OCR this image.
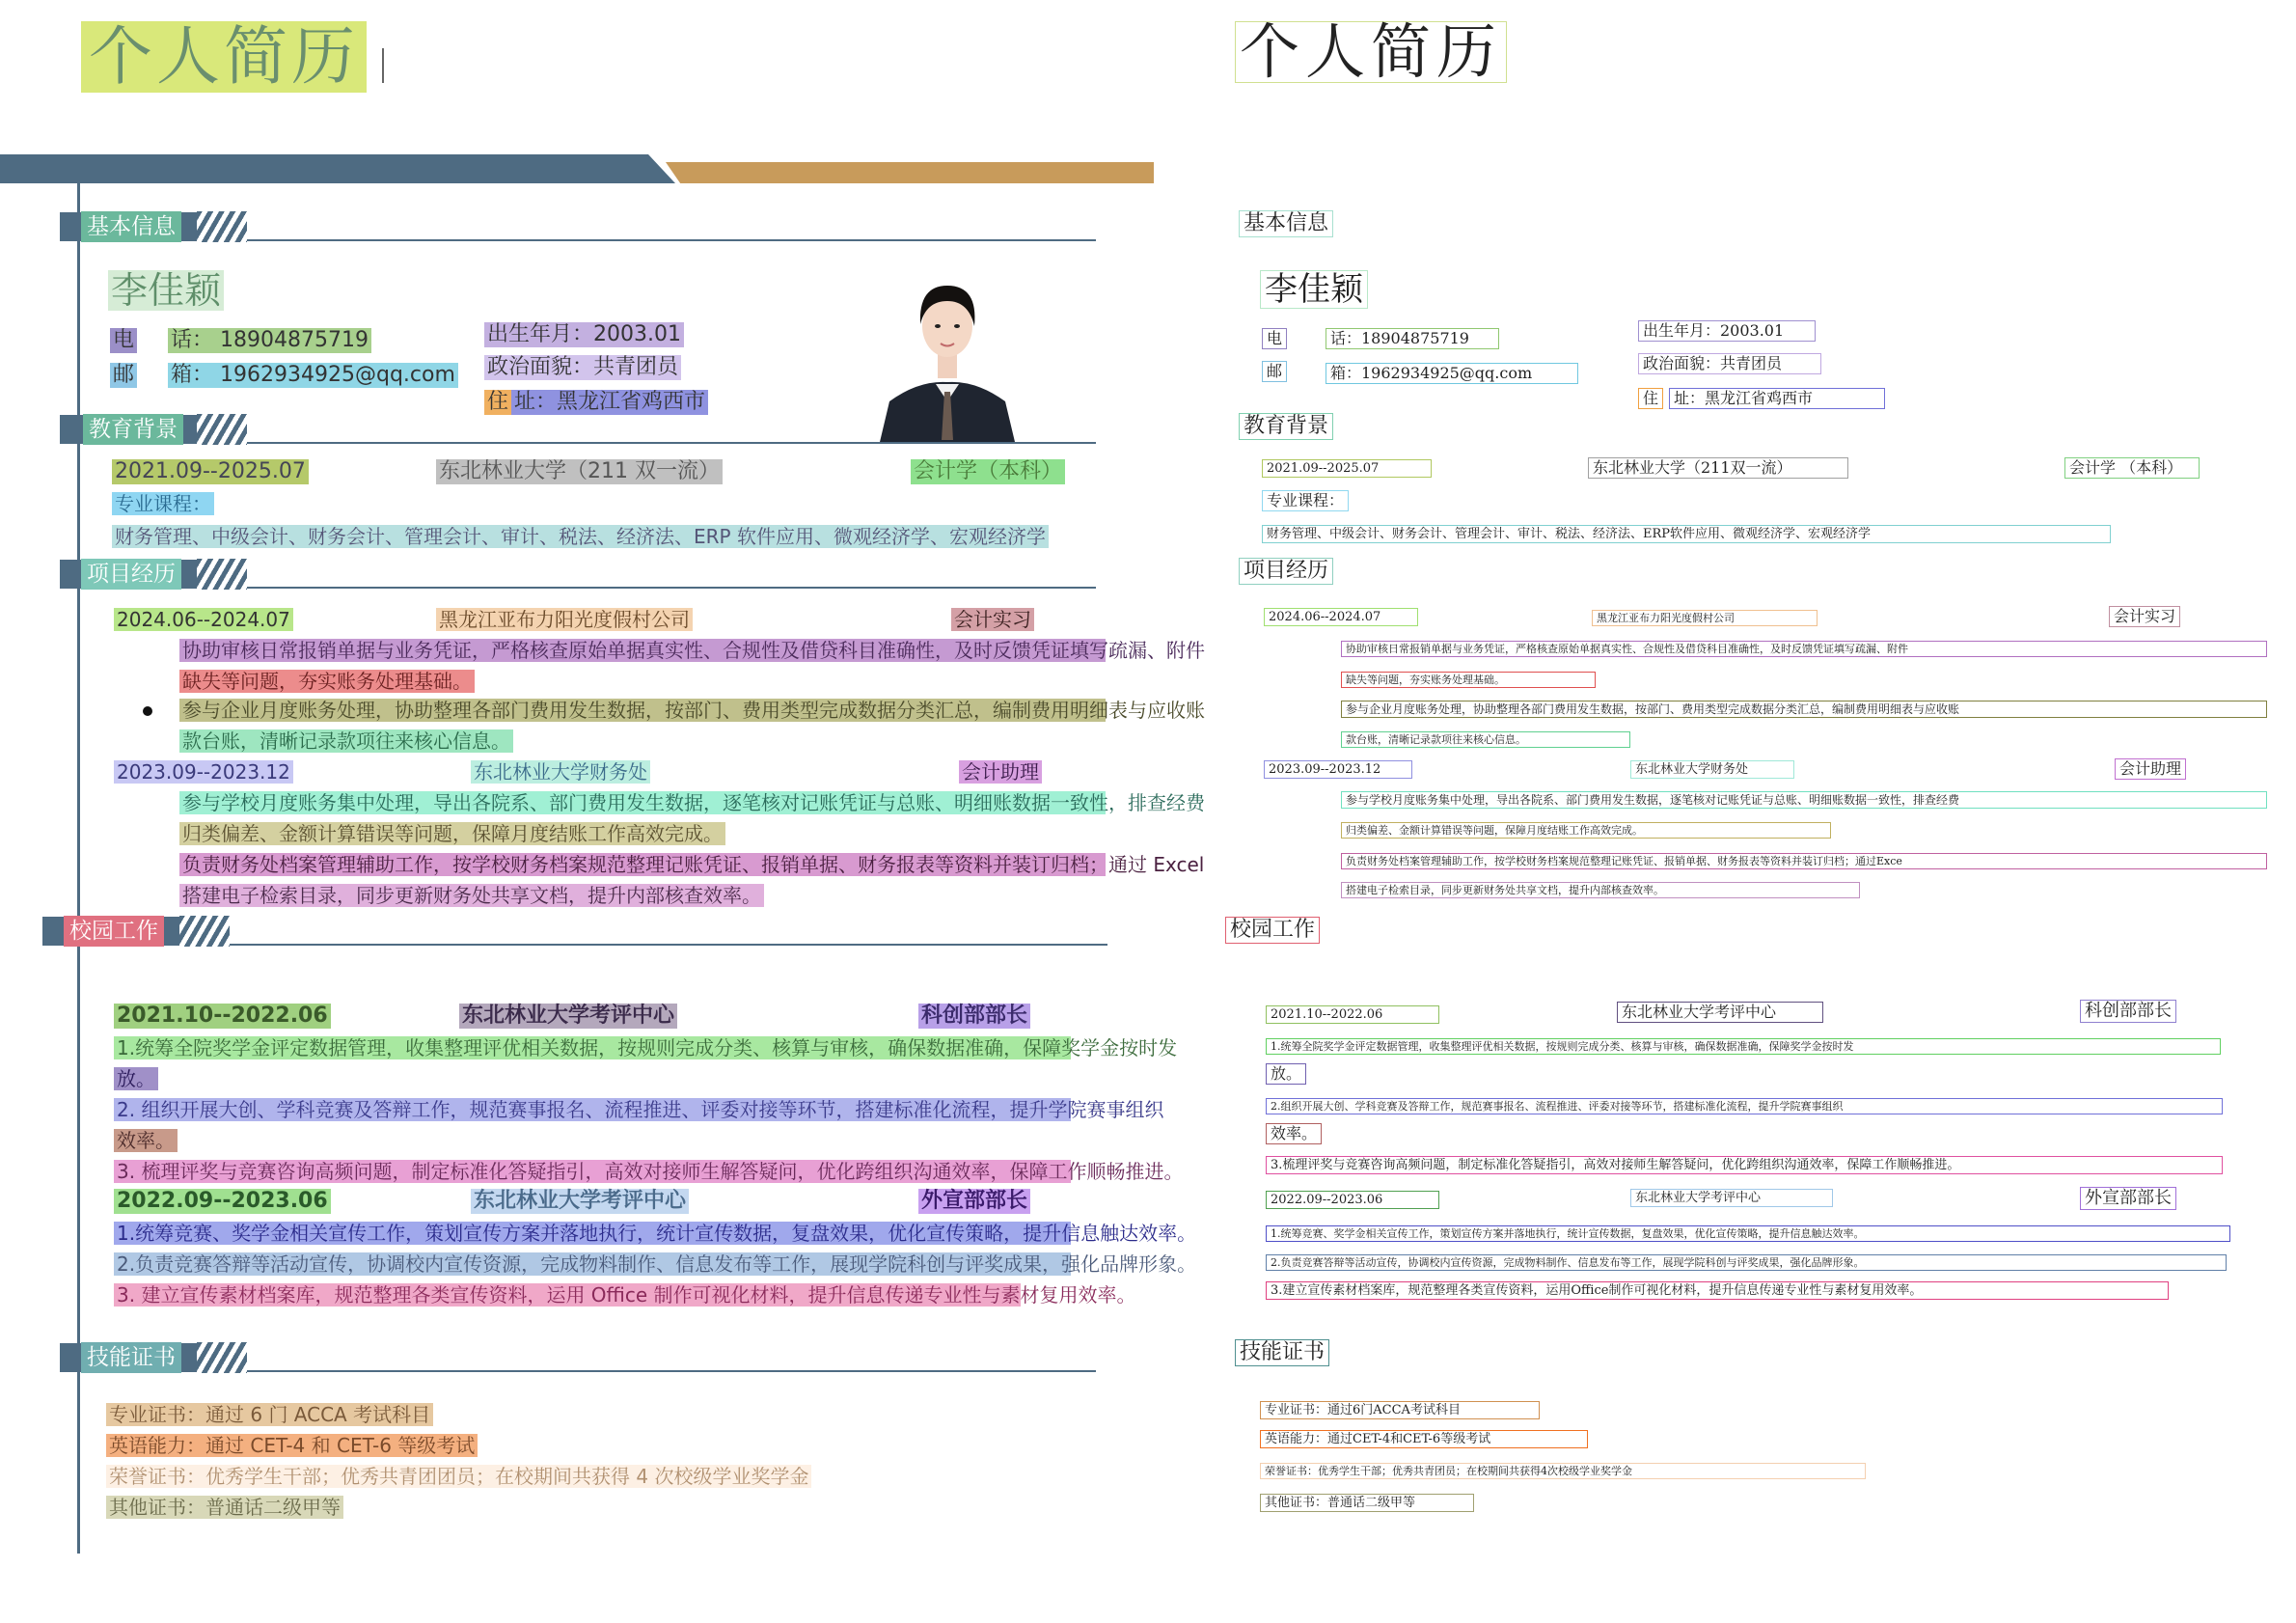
个人简历
基本信息
李佳颖
电 话： 18904875719
邮 箱： 1962934925@qq.com
出生年月：2003.01
政治面貌：共青团员
住 址：黑龙江省鸡西市
教育背景
2021.09--2025.07	东北林业大学（211 双一流）	会计学（本科）
专业课程：
财务管理、中级会计、财务会计、管理会计、审计、税法、经济法、ERP 软件应用、微观经济学、宏观经济学
项目经历
2024.06--2024.07	黑龙江亚布力阳光度假村公司	会计实习
协助审核日常报销单据与业务凭证，严格核查原始单据真实性、合规性及借贷科目准确性，及时反馈凭证填写疏漏、附件
缺失等问题，夯实账务处理基础。
参与企业月度账务处理，协助整理各部门费用发生数据，按部门、费用类型完成数据分类汇总，编制费用明细表与应收账
款台账，清晰记录款项往来核心信息。
2023.09--2023.12	东北林业大学财务处	会计助理
参与学校月度账务集中处理，导出各院系、部门费用发生数据，逐笔核对记账凭证与总账、明细账数据一致性，排查经费
归类偏差、金额计算错误等问题，保障月度结账工作高效完成。
负责财务处档案管理辅助工作，按学校财务档案规范整理记账凭证、报销单据、财务报表等资料并装订归档；通过 Excel
搭建电子检索目录，同步更新财务处共享文档，提升内部核查效率。
校园工作
2021.10--2022.06	东北林业大学考评中心	科创部部长
1.统筹全院奖学金评定数据管理，收集整理评优相关数据，按规则完成分类、核算与审核，确保数据准确，保障奖学金按时发
放。
2. 组织开展大创、学科竞赛及答辩工作，规范赛事报名、流程推进、评委对接等环节，搭建标准化流程，提升学院赛事组织
效率。
3. 梳理评奖与竞赛咨询高频问题，制定标准化答疑指引，高效对接师生解答疑问，优化跨组织沟通效率，保障工作顺畅推进。
2022.09--2023.06	东北林业大学考评中心	外宣部部长
1.统筹竞赛、奖学金相关宣传工作，策划宣传方案并落地执行，统计宣传数据，复盘效果，优化宣传策略，提升信息触达效率。
2.负责竞赛答辩等活动宣传，协调校内宣传资源，完成物料制作、信息发布等工作，展现学院科创与评奖成果，强化品牌形象。
3. 建立宣传素材档案库，规范整理各类宣传资料，运用 Office 制作可视化材料，提升信息传递专业性与素材复用效率。
技能证书
专业证书：通过 6 门 ACCA 考试科目
英语能力：通过 CET-4 和 CET-6 等级考试
荣誉证书：优秀学生干部；优秀共青团团员；在校期间共获得 4 次校级学业奖学金
其他证书：普通话二级甲等
个人简历
基本信息
李佳颖
电	话：18904875719
邮	箱：1962934925@qq.com
出生年月：2003.01
政治面貌：共青团员
住 址：黑龙江省鸡西市
教育背景
2021.09--2025.07	东北林业大学（211双一流）	会计学 （本科）
专业课程：
财务管理、中级会计、财务会计、管理会计、审计、税法、经济法、ERP软件应用、微观经济学、宏观经济学
项目经历
2024.06--2024.07	黑龙江亚布力阳光度假村公司	会计实习
协助审核日常报销单据与业务凭证，严格核查原始单据真实性、合规性及借贷科目准确性，及时反馈凭证填写疏漏、附件
缺失等问题，夯实账务处理基础。
参与企业月度账务处理，协助整理各部门费用发生数据，按部门、费用类型完成数据分类汇总，编制费用明细表与应收账
款台账，清晰记录款项往来核心信息。
2023.09--2023.12	东北林业大学财务处	会计助理
参与学校月度账务集中处理，导出各院系、部门费用发生数据，逐笔核对记账凭证与总账、明细账数据一致性，排查经费
归类偏差、金额计算错误等问题，保障月度结账工作高效完成。
负责财务处档案管理辅助工作，按学校财务档案规范整理记账凭证、报销单据、财务报表等资料并装订归档；通过Exce
搭建电子检索目录，同步更新财务处共享文档，提升内部核查效率。
校园工作
2021.10--2022.06	东北林业大学考评中心	科创部部长
1.统筹全院奖学金评定数据管理，收集整理评优相关数据，按规则完成分类、核算与审核，确保数据准确，保障奖学金按时发
放。
2.组织开展大创、学科竞赛及答辩工作，规范赛事报名、流程推进、评委对接等环节，搭建标准化流程，提升学院赛事组织
效率。
3.梳理评奖与竞赛咨询高频问题，制定标准化答疑指引，高效对接师生解答疑问，优化跨组织沟通效率，保障工作顺畅推进。
2022.09--2023.06	东北林业大学考评中心	外宣部部长
1.统筹竞赛、奖学金相关宣传工作，策划宣传方案并落地执行，统计宣传数据，复盘效果，优化宣传策略，提升信息触达效率。
2.负责竞赛答辩等活动宣传，协调校内宣传资源，完成物料制作、信息发布等工作，展现学院科创与评奖成果，强化品牌形象。
3.建立宣传素材档案库，规范整理各类宣传资料，运用Office制作可视化材料，提升信息传递专业性与素材复用效率。
技能证书
专业证书：通过6门ACCA考试科目
英语能力：通过CET-4和CET-6等级考试
荣誉证书：优秀学生干部；优秀共青团员；在校期间共获得4次校级学业奖学金
其他证书：普通话二级甲等
